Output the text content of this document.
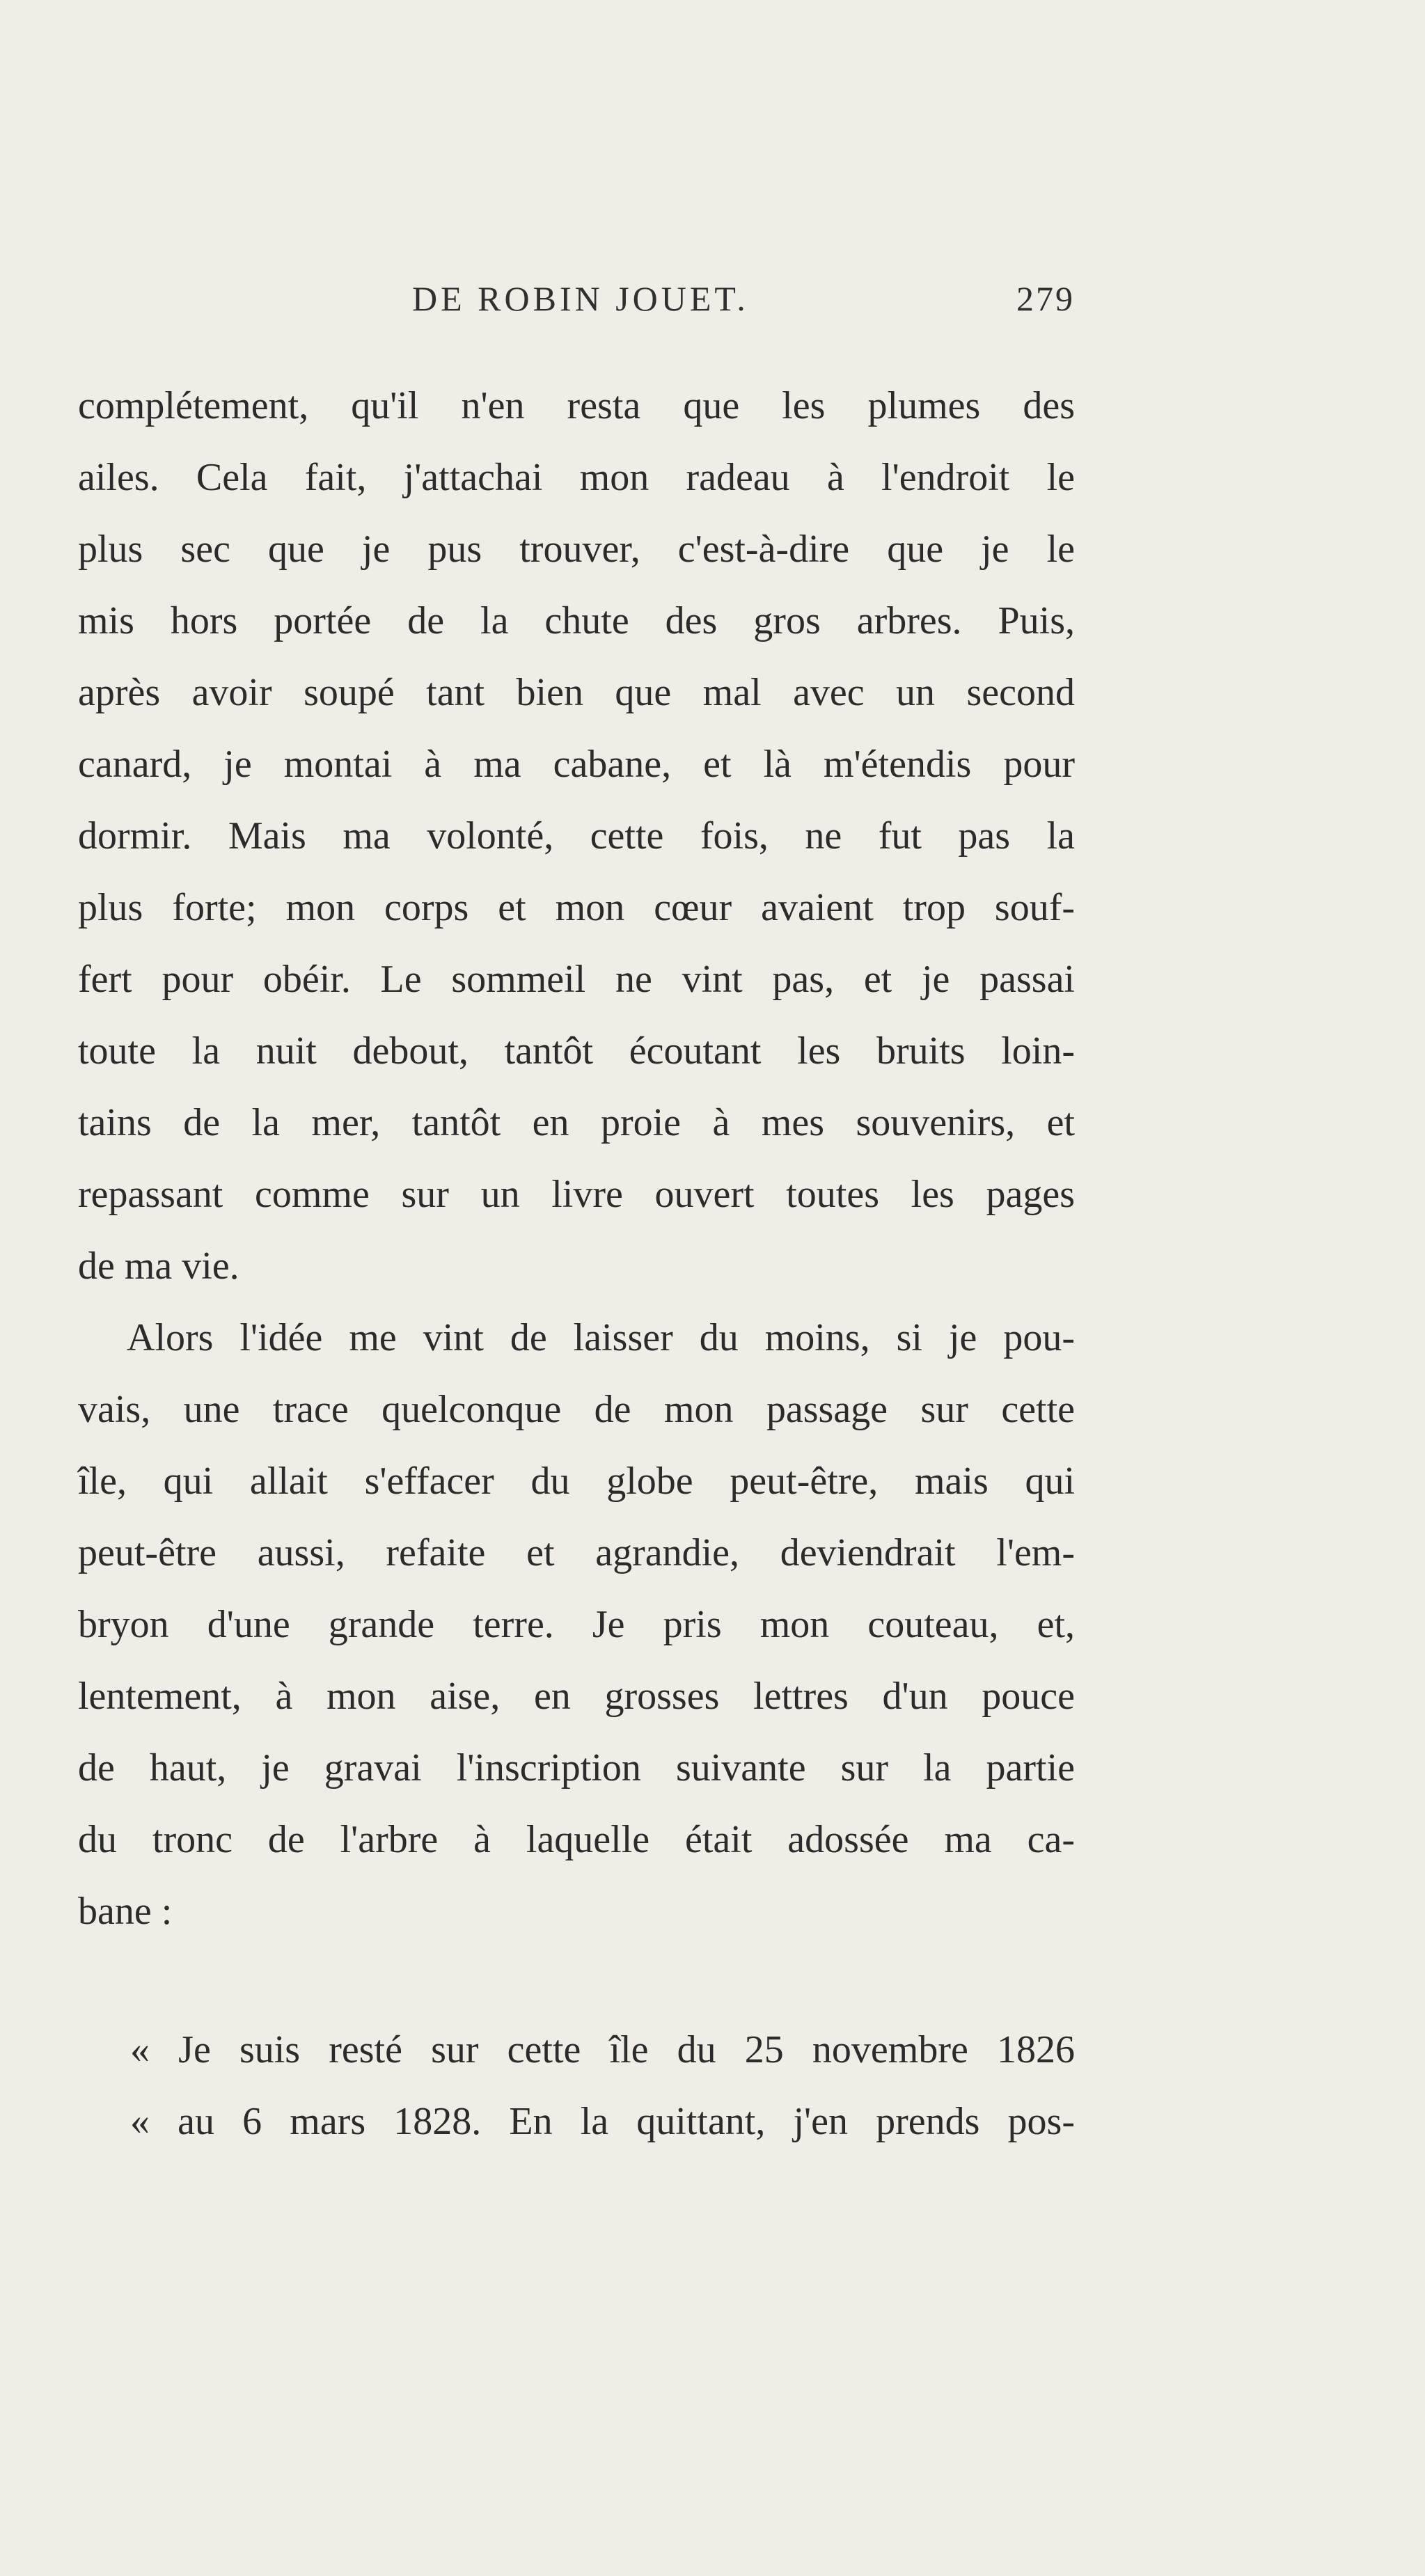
DE ROBIN JOUET.	279
complétement, qu'il n'en resta que les plumes des
ailes. Cela fait, j'attachai mon radeau à l'endroit le
plus sec que je pus trouver, c'est-à-dire que je le
mis hors portée de la chute des gros arbres. Puis,
après avoir soupé tant bien que mal avec un second
canard, je montai à ma cabane, et là m'étendis pour
dormir. Mais ma volonté, cette fois, ne fut pas la
plus forte; mon corps et mon cœur avaient trop souf-
fert pour obéir. Le sommeil ne vint pas, et je passai
toute la nuit debout, tantôt écoutant les bruits loin-
tains de la mer, tantôt en proie à mes souvenirs, et
repassant comme sur un livre ouvert toutes les pages
de ma vie.
Alors l'idée me vint de laisser du moins, si je pou-
vais, une trace quelconque de mon passage sur cette
île, qui allait s'effacer du globe peut-être, mais qui
peut-être aussi, refaite et agrandie, deviendrait l'em-
bryon d'une grande terre. Je pris mon couteau, et,
lentement, à mon aise, en grosses lettres d'un pouce
de haut, je gravai l'inscription suivante sur la partie
du tronc de l'arbre à laquelle était adossée ma ca-
bane :
« Je suis resté sur cette île du 25 novembre 1826
« au 6 mars 1828. En la quittant, j'en prends pos-
